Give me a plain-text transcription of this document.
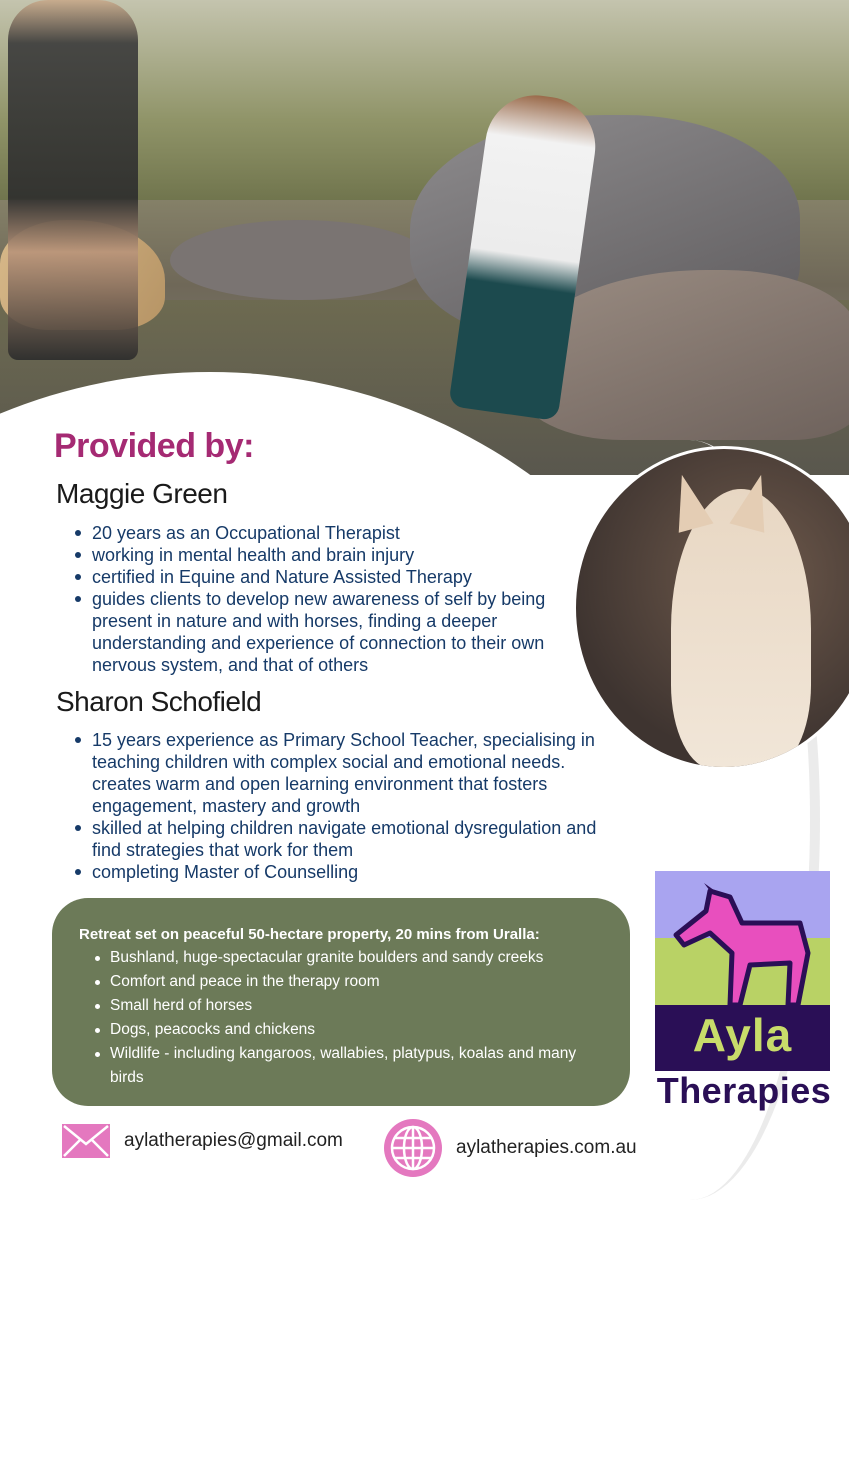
Provided by:
Maggie Green
20 years as an Occupational Therapist
working in mental health and brain injury
certified in Equine and Nature Assisted Therapy
guides clients to develop new awareness of self by being present in nature and with horses, finding a deeper understanding and experience of connection to their own nervous system, and that of others
Sharon Schofield
15 years experience as Primary School Teacher, specialising in teaching children with complex social and emotional needs. creates warm and open learning environment that fosters engagement, mastery and growth
skilled at helping children navigate emotional dysregulation and find strategies that work for them
completing Master of Counselling
Retreat set on peaceful 50-hectare property, 20 mins from Uralla:
Bushland, huge-spectacular granite boulders and sandy creeks
Comfort and peace in the therapy room
Small herd of horses
Dogs, peacocks and chickens
Wildlife - including kangaroos, wallabies, platypus, koalas and many birds
Ayla
Therapies
aylatherapies@gmail.com	aylatherapies.com.au
